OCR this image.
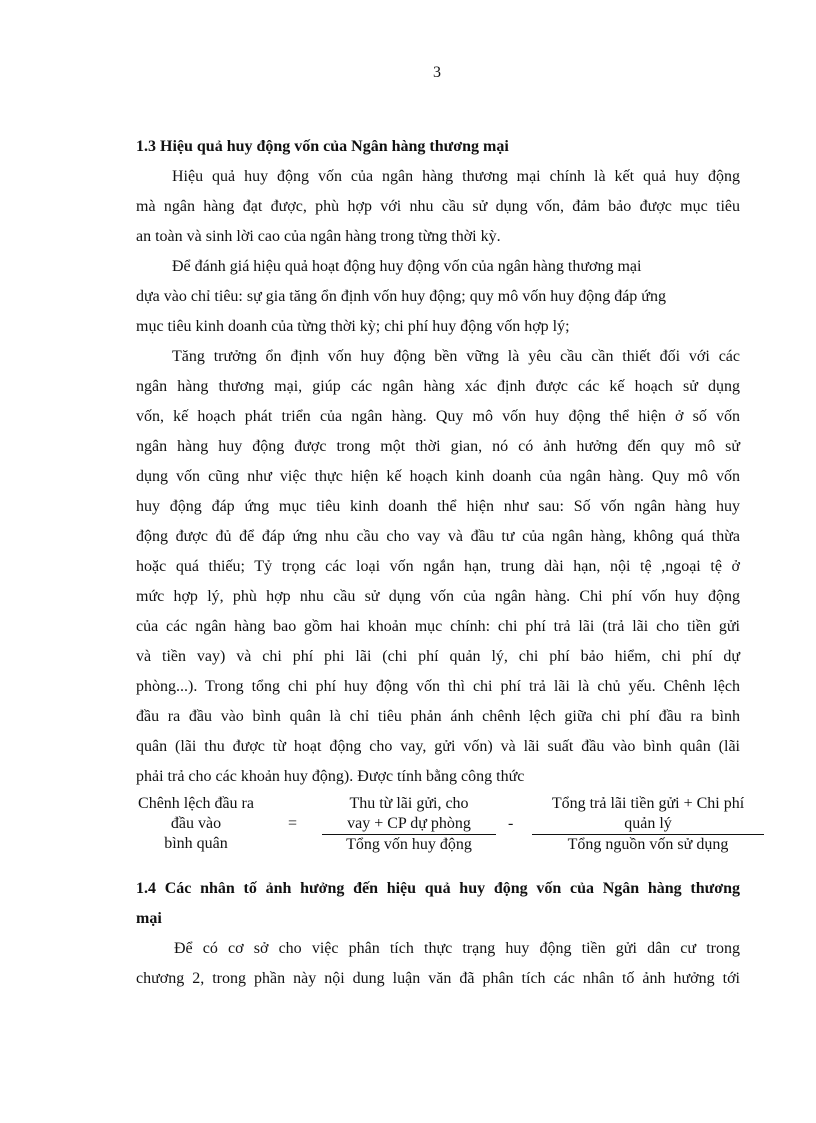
3
1.3 Hiệu quả huy động vốn của Ngân hàng thương mại
Hiệu quả huy động vốn của ngân hàng thương mại chính là kết quả huy động
mà ngân hàng đạt được, phù hợp với nhu cầu sử dụng vốn, đảm bảo được mục tiêu
an toàn và sinh lời cao của ngân hàng trong từng thời kỳ.
Để đánh giá hiệu quả hoạt động huy động vốn của ngân hàng thương mại
dựa vào chỉ tiêu: sự gia tăng ổn định vốn huy động; quy mô vốn huy động đáp ứng
mục tiêu kinh doanh của từng thời kỳ; chi phí huy động vốn hợp lý;
Tăng trưởng ổn định vốn huy động bền vững là yêu cầu cần thiết đối với các
ngân hàng thương mại, giúp các ngân hàng xác định được các kế hoạch sử dụng
vốn, kế hoạch phát triển của ngân hàng. Quy mô vốn huy động thể hiện ở số vốn
ngân hàng huy động được trong một thời gian, nó có ảnh hưởng đến quy mô sử
dụng vốn cũng như việc thực hiện kế hoạch kinh doanh của ngân hàng. Quy mô vốn
huy động đáp ứng mục tiêu kinh doanh thể hiện như sau: Số vốn ngân hàng huy
động được đủ để đáp ứng nhu cầu cho vay và đầu tư của ngân hàng, không quá thừa
hoặc quá thiếu; Tỷ trọng các loại vốn ngắn hạn, trung dài hạn, nội tệ ,ngoại tệ ở
mức hợp lý, phù hợp nhu cầu sử dụng vốn của ngân hàng. Chi phí vốn huy động
của các ngân hàng bao gồm hai khoản mục chính: chi phí trả lãi (trả lãi cho tiền gửi
và tiền vay) và chi phí phi lãi (chi phí quản lý, chi phí bảo hiểm, chi phí dự
phòng...). Trong tổng chi phí huy động vốn thì chi phí trả lãi là chủ yếu. Chênh lệch
đầu ra đầu vào bình quân là chỉ tiêu phản ánh chênh lệch giữa chi phí đầu ra bình
quân (lãi thu được từ hoạt động cho vay, gửi vốn) và lãi suất đầu vào bình quân (lãi
phải trả cho các khoản huy động). Được tính bằng công thức
Chênh lệch đầu ra
đầu vào
bình quân
=
Thu từ lãi gửi, cho
vay + CP dự phòng
Tổng vốn huy động
-
Tổng trả lãi tiền gửi + Chi phí
quản lý
Tổng nguồn vốn sử dụng
1.4 Các nhân tố ảnh hưởng đến hiệu quả huy động vốn của Ngân hàng thương
mại
Để có cơ sở cho việc phân tích thực trạng huy động tiền gửi dân cư trong
chương 2, trong phần này nội dung luận văn đã phân tích các nhân tố ảnh hưởng tới
